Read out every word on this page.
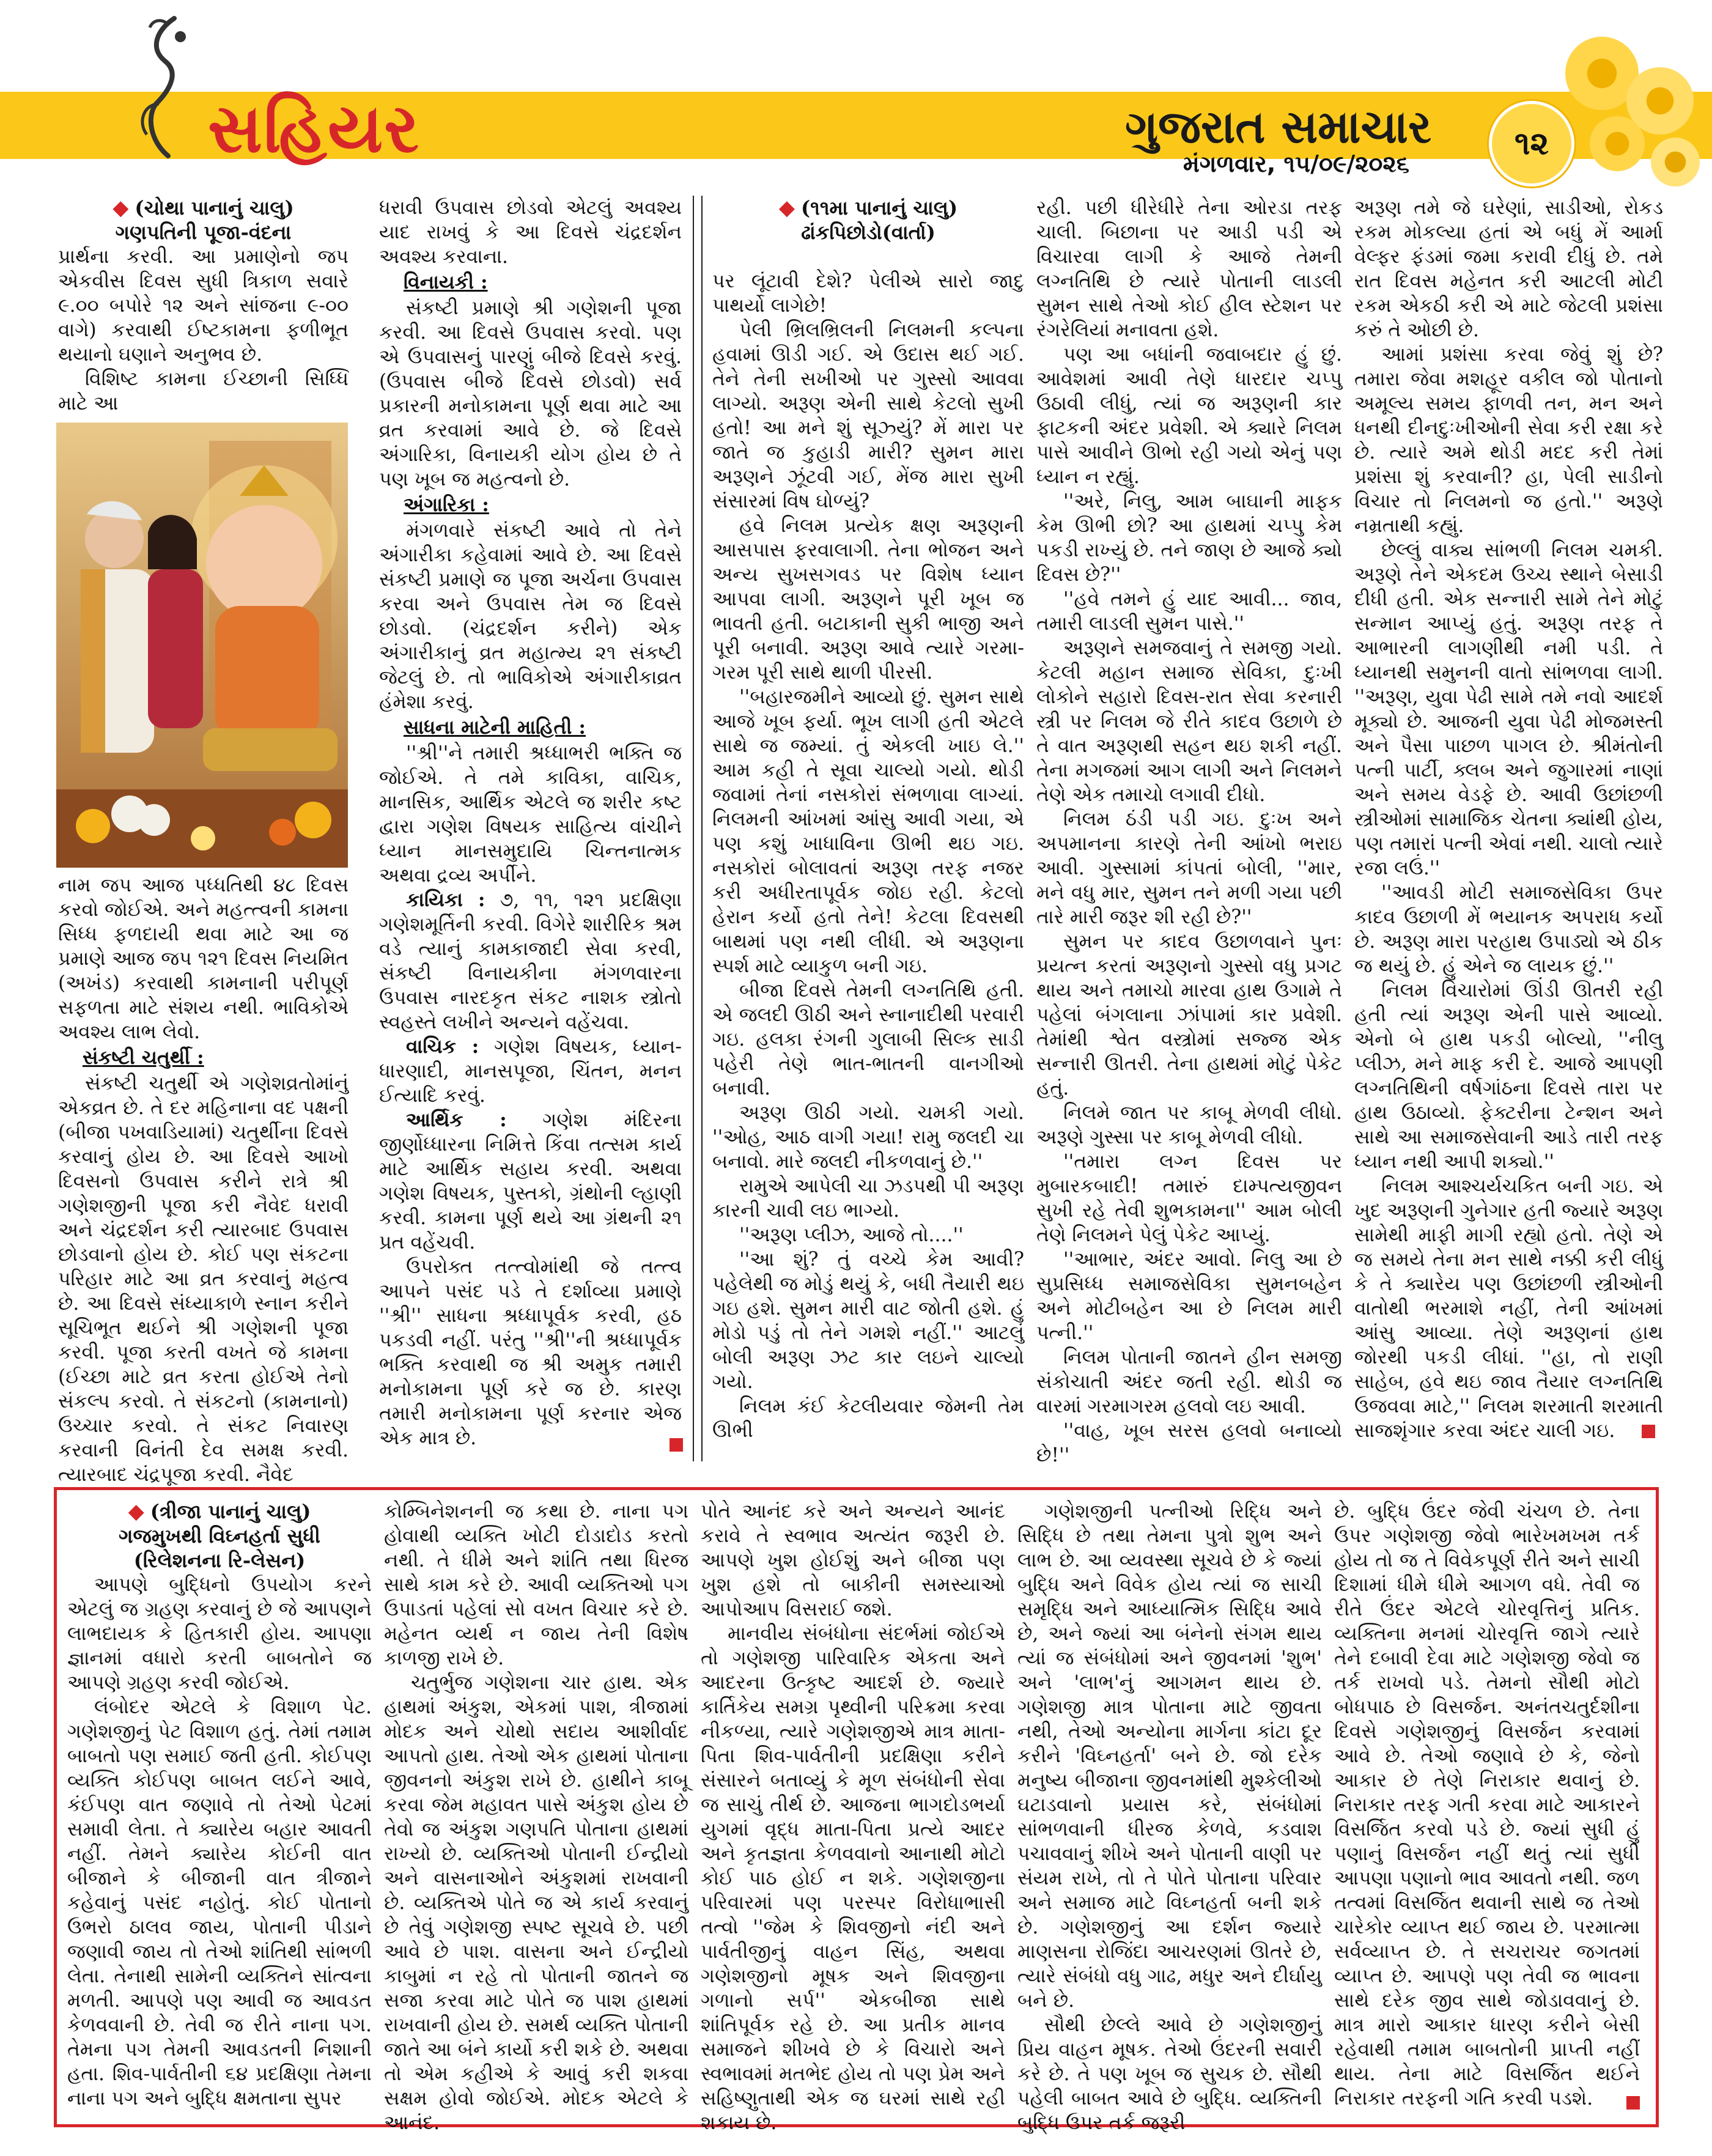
સહિયર	ગુજરાત સમાચાર
મંગળવાર, ૧૫/૦૯/૨૦૨૬
૧૨
◆ (ચોથા પાનાનું ચાલુ)
ગણપતિની પૂજા-વંદના

પ્રાર્થના કરવી. આ પ્રમાણેનો જપ એકવીસ દિવસ સુધી ત્રિકાળ સવારે ૯.૦૦ બપોરે ૧૨ અને સાંજના ૯-૦૦ વાગે) કરવાથી ઈષ્ટકામના ફળીભૂત થયાનો ઘણાને અનુભવ છે.

વિશિષ્ટ કામના ઈચ્છાની સિધ્ધિ માટે આ

નામ જપ આજ પધ્ધતિથી ૪૮ દિવસ કરવો જોઈએ. અને મહત્ત્વની કામના સિધ્ધ ફળદાયી થવા માટે આ જ પ્રમાણે આજ જપ ૧૨૧ દિવસ નિયમિત (અખંડ) કરવાથી કામનાની પરીપૂર્ણ સફળતા માટે સંશય નથી. ભાવિકોએ અવશ્ય લાભ લેવો.

સંકષ્ટી ચતુર્થી :

સંકષ્ટી ચતુર્થી એ ગણેશવ્રતોમાંનું એકવ્રત છે. તે દર મહિનાના વદ પક્ષની (બીજા પખવાડિયામાં) ચતુર્થીના દિવસે કરવાનું હોય છે. આ દિવસે આખો દિવસનો ઉપવાસ કરીને રાત્રે શ્રી ગણેશજીની પૂજા કરી નૈવેદ ધરાવી અને ચંદ્રદર્શન કરી ત્યારબાદ ઉપવાસ છોડવાનો હોય છે. કોઈ પણ સંકટના પરિહાર માટે આ વ્રત કરવાનું મહત્વ છે. આ દિવસે સંધ્યાકાળે સ્નાન કરીને સૂચિભૂત થઈને શ્રી ગણેશની પૂજા કરવી. પૂજા કરતી વખતે જે કામના (ઈચ્છા માટે વ્રત કરતા હોઈએ તેનો સંકલ્પ કરવો. તે સંકટનો (કામનાનો) ઉચ્ચાર કરવો. તે સંકટ નિવારણ કરવાની વિનંતી દેવ સમક્ષ કરવી. ત્યારબાદ ચંદ્રપૂજા કરવી. નૈવેદ

ધરાવી ઉપવાસ છોડવો એટલું અવશ્ય યાદ રાખવું કે આ દિવસે ચંદ્રદર્શન અવશ્ય કરવાના.

વિનાયકી :

સંકષ્ટી પ્રમાણે શ્રી ગણેશની પૂજા કરવી. આ દિવસે ઉપવાસ કરવો. પણ એ ઉપવાસનું પારણું બીજે દિવસે કરવું. (ઉપવાસ બીજે દિવસે છોડવો) સર્વ પ્રકારની મનોકામના પૂર્ણ થવા માટે આ વ્રત કરવામાં આવે છે. જે દિવસે અંગારિકા, વિનાયકી યોગ હોય છે તે પણ ખૂબ જ મહત્વનો છે.

અંગારિકા :

મંગળવારે સંકષ્ટી આવે તો તેને અંગારીકા કહેવામાં આવે છે. આ દિવસે સંકષ્ટી પ્રમાણે જ પૂજા અર્ચના ઉપવાસ કરવા અને ઉપવાસ તેમ જ દિવસે છોડવો. (ચંદ્રદર્શન કરીને) એક અંગારીકાનું વ્રત મહાત્મ્ય ૨૧ સંકષ્ટી જેટલું છે. તો ભાવિકોએ અંગારીકાવ્રત હંમેશા કરવું.

સાધના માટેની માહિતી :

''શ્રી''ને તમારી શ્રધ્ધાભરી ભક્તિ જ જોઈએ. તે તમે કાવિકા, વાચિક, માનસિક, આર્થિક એટલે જ શરીર કષ્ટ દ્વારા ગણેશ વિષયક સાહિત્ય વાંચીને ધ્યાન માનસમુદાયિ ચિન્તનાત્મક અથવા દ્રવ્ય અર્પીને.

કાયિકા : ૭, ૧૧, ૧૨૧ પ્રદક્ષિણા ગણેશમૂર્તિની કરવી. વિગેરે શારીરિક શ્રમ વડે ત્યાનું કામકાજાદી સેવા કરવી, સંકષ્ટી વિનાયકીના મંગળવારના ઉપવાસ નારદકૃત સંકટ નાશક સ્ત્રોતો સ્વહસ્તે લખીને અન્યને વહેંચવા.

વાચિક : ગણેશ વિષયક, ધ્યાન-ધારણાદી, માનસપૂજા, ચિંતન, મનન ઈત્યાદિ કરવું.

આર્થિક : ગણેશ મંદિરના જીર્ણોધ્ધારના નિમિત્તે કિંવા તત્સમ કાર્ય માટે આર્થિક સહાય કરવી. અથવા ગણેશ વિષયક, પુસ્તકો, ગ્રંથોની લ્હાણી કરવી. કામના પૂર્ણ થયે આ ગ્રંથની ૨૧ પ્રત વહેંચવી.

ઉપરોક્ત તત્ત્વોમાંથી જે તત્ત્વ આપને પસંદ પડે તે દર્શાવ્યા પ્રમાણે ''શ્રી'' સાધના શ્રધ્ધાપૂર્વક કરવી, હઠ પકડવી નહીં. પરંતુ ''શ્રી''ની શ્રધ્ધાપૂર્વક ભક્તિ કરવાથી જ શ્રી અમુક તમારી મનોકામના પૂર્ણ કરે જ છે. કારણ તમારી મનોકામના પૂર્ણ કરનાર એજ એક માત્ર છે.

◆ (૧૧મા પાનાનું ચાલુ)
ઢાંકપિછોડો(વાર્તા)

પર લૂંટાવી દેશે? પેલીએ સારો જાદુ પાથર્યો લાગેછે!

પેલી ભ્રિલભ્રિલની નિલમની કલ્પના હવામાં ઊડી ગઈ. એ ઉદાસ થઈ ગઈ. તેને તેની સખીઓ પર ગુસ્સો આવવા લાગ્યો. અરૂણ એની સાથે કેટલો સુખી હતો! આ મને શું સૂઝ્યું? મેં મારા પર જાતે જ કુહાડી મારી? સુમન મારા અરૂણને ઝૂંટવી ગઈ, મેંજ મારા સુખી સંસારમાં વિષ ઘોળ્યું?

હવે નિલમ પ્રત્યેક ક્ષણ અરૂણની આસપાસ ફરવાલાગી. તેના ભોજન અને અન્ય સુખસગવડ પર વિશેષ ધ્યાન આપવા લાગી. અરૂણને પૂરી ખૂબ જ ભાવતી હતી. બટાકાની સુકી ભાજી અને પૂરી બનાવી. અરૂણ આવે ત્યારે ગરમા-ગરમ પૂરી સાથે થાળી પીરસી.

''બહારજમીને આવ્યો છું. સુમન સાથે આજે ખૂબ ફર્યા. ભૂખ લાગી હતી એટલે સાથે જ જમ્યાં. તું એકલી ખાઇ લે.'' આમ કહી તે સૂવા ચાલ્યો ગયો. થોડી જવામાં તેનાં નસકોરાં સંભળાવા લાગ્યાં. નિલમની આંખમાં આંસુ આવી ગયા, એ પણ કશું ખાધાવિના ઊભી થઇ ગઇ. નસકોરાં બોલાવતાં અરૂણ તરફ નજર કરી અધીરતાપૂર્વક જોઇ રહી. કેટલો હેરાન કર્યો હતો તેને! કેટલા દિવસથી બાથમાં પણ નથી લીધી. એ અરૂણના સ્પર્શ માટે વ્યાકુળ બની ગઇ.

બીજા દિવસે તેમની લગ્નતિથિ હતી. એ જલદી ઊઠી અને સ્નાનાદીથી પરવારી ગઇ. હલકા રંગની ગુલાબી સિલ્ક સાડી પહેરી તેણે ભાત-ભાતની વાનગીઓ બનાવી.

અરૂણ ઊઠી ગયો. ચમકી ગયો. ''ઓહ, આઠ વાગી ગયા! રામુ જલદી ચા બનાવો. મારે જલદી નીકળવાનું છે.''

રામુએ આપેલી ચા ઝડપથી પી અરૂણ કારની ચાવી લઇ ભાગ્યો.

''અરૂણ પ્લીઝ, આજે તો....''

''આ શું? તું વચ્ચે કેમ આવી? પહેલેથી જ મોડું થયું કે, બધી તૈયારી થઇ ગઇ હશે. સુમન મારી વાટ જોતી હશે. હું મોડો પડું તો તેને ગમશે નહીં.'' આટલું બોલી અરૂણ ઝટ કાર લઇને ચાલ્યો ગયો.

નિલમ કંઈ કેટલીયવાર જેમની તેમ ઊભી

રહી. પછી ધીરેધીરે તેના ઓરડા તરફ ચાલી. બિછાના પર આડી પડી એ વિચારવા લાગી કે આજે તેમની લગ્નતિથિ છે ત્યારે પોતાની લાડલી સુમન સાથે તેઓ કોઈ હીલ સ્ટેશન પર રંગરેલિયાં મનાવતા હશે.

પણ આ બધાંની જવાબદાર હું છું. આવેશમાં આવી તેણે ધારદાર ચપ્પુ ઉઠાવી લીધું, ત્યાં જ અરૂણની કાર ફાટકની અંદર પ્રવેશી. એ ક્યારે નિલમ પાસે આવીને ઊભો રહી ગયો એનું પણ ધ્યાન ન રહ્યું.

''અરે, નિલુ, આમ બાઘાની માફક કેમ ઊભી છો? આ હાથમાં ચપ્પુ કેમ પકડી રાખ્યું છે. તને જાણ છે આજે ક્યો દિવસ છે?''

''હવે તમને હું યાદ આવી... જાવ, તમારી લાડલી સુમન પાસે.''

અરૂણને સમજવાનું તે સમજી ગયો. કેટલી મહાન સમાજ સેવિકા, દુઃખી લોકોને સહારો દિવસ-રાત સેવા કરનારી સ્ત્રી પર નિલમ જે રીતે કાદવ ઉછાળે છે તે વાત અરૂણથી સહન થઇ શકી નહીં. તેના મગજમાં આગ લાગી અને નિલમને તેણે એક તમાચો લગાવી દીધો.

નિલમ ઠંડી પડી ગઇ. દુઃખ અને અપમાનના કારણે તેની આંખો ભરાઇ આવી. ગુસ્સામાં કાંપતાં બોલી, ''માર, મને વધુ માર, સુમન તને મળી ગયા પછી તારે મારી જરૂર શી રહી છે?''

સુમન પર કાદવ ઉછાળવાને પુનઃ પ્રયત્ન કરતાં અરૂણનો ગુસ્સો વધુ પ્રગટ થાય અને તમાચો મારવા હાથ ઉગામે તે પહેલાં બંગલાના ઝાંપામાં કાર પ્રવેશી. તેમાંથી શ્વેત વસ્ત્રોમાં સજ્જ એક સન્નારી ઊતરી. તેના હાથમાં મોટું પેકેટ હતું.

નિલમે જાત પર કાબૂ મેળવી લીધો. અરૂણે ગુસ્સા પર કાબૂ મેળવી લીધો.

''તમારા લગ્ન દિવસ પર મુબારકબાદી! તમારું દામ્પત્યજીવન સુખી રહે તેવી શુભકામના'' આમ બોલી તેણે નિલમને પેલું પેકેટ આપ્યું.

''આભાર, અંદર આવો. નિલુ આ છે સુપ્રસિધ્ધ સમાજસેવિકા સુમનબહેન અને મોટીબહેન આ છે નિલમ મારી પત્ની.''

નિલમ પોતાની જાતને હીન સમજી સંકોચાતી અંદર જતી રહી. થોડી જ વારમાં ગરમાગરમ હલવો લઇ આવી.

''વાહ, ખૂબ સરસ હલવો બનાવ્યો છે!''

અરૂણ તમે જે ઘરેણાં, સાડીઓ, રોકડ રકમ મોકલ્યા હતાં એ બધું મેં આર્મા વેલ્ફર ફંડમાં જમા કરાવી દીધું છે. તમે રાત દિવસ મહેનત કરી આટલી મોટી રકમ એકઠી કરી એ માટે જેટલી પ્રશંસા કરું તે ઓછી છે.

આમાં પ્રશંસા કરવા જેવું શું છે? તમારા જેવા મશહૂર વકીલ જો પોતાનો અમૂલ્ય સમય ફાળવી તન, મન અને ધનથી દીનદુઃખીઓની સેવા કરી રક્ષા કરે છે. ત્યારે અમે થોડી મદદ કરી તેમાં પ્રશંસા શું કરવાની? હા, પેલી સાડીનો વિચાર તો નિલમનો જ હતો.'' અરૂણે નમ્રતાથી કહ્યું.

છેલ્લું વાક્ય સાંભળી નિલમ ચમકી. અરૂણે તેને એકદમ ઉચ્ચ સ્થાને બેસાડી દીધી હતી. એક સન્નારી સામે તેને મોટું સન્માન આપ્યું હતું. અરૂણ તરફ તે આભારની લાગણીથી નમી પડી. તે ધ્યાનથી સમુનની વાતો સાંભળવા લાગી. ''અરૂણ, યુવા પેઢી સામે તમે નવો આદર્શ મૂક્યો છે. આજની યુવા પેઢી મોજમસ્તી અને પૈસા પાછળ પાગલ છે. શ્રીમંતોની પત્ની પાર્ટી, ક્લબ અને જુગારમાં નાણાં અને સમય વેડફે છે. આવી ઉછાંછળી સ્ત્રીઓમાં સામાજિક ચેતના ક્યાંથી હોય, પણ તમારાં પત્ની એવાં નથી. ચાલો ત્યારે રજા લઉં.''

''આવડી મોટી સમાજસેવિકા ઉપર કાદવ ઉછાળી મેં ભયાનક અપરાધ કર્યો છે. અરૂણ મારા પરહાથ ઉપાડ્યો એ ઠીક જ થયું છે. હું એને જ લાયક છું.''

નિલમ વિચારોમાં ઊંડી ઊતરી રહી હતી ત્યાં અરૂણ એની પાસે આવ્યો. એનો બે હાથ પકડી બોલ્યો, ''નીલુ પ્લીઝ, મને માફ કરી દે. આજે આપણી લગ્નતિથિની વર્ષગાંઠના દિવસે તારા પર હાથ ઉઠાવ્યો. ફેક્ટરીના ટેન્શન અને સાથે આ સમાજસેવાની આડે તારી તરફ ધ્યાન નથી આપી શક્યો.''

નિલમ આશ્ચર્યચકિત બની ગઇ. એ ખુદ અરૂણની ગુનેગાર હતી જ્યારે અરૂણ સામેથી માફી માગી રહ્યો હતો. તેણે એ જ સમયે તેના મન સાથે નક્કી કરી લીધું કે તે ક્યારેય પણ ઉછાંછળી સ્ત્રીઓની વાતોથી ભરમાશે નહીં, તેની આંખમાં આંસુ આવ્યા. તેણે અરૂણનાં હાથ જોરથી પકડી લીધાં. ''હા, તો રાણી સાહેબ, હવે થઇ જાવ તૈયાર લગ્નતિથિ ઉજવવા માટે,'' નિલમ શરમાતી શરમાતી સાજશૃંગાર કરવા અંદર ચાલી ગઇ.

◆ (ત્રીજા પાનાનું ચાલુ)
ગજમુખથી વિઘ્નહર્તા સુધી
(રિલેશનના રિ-લેસન)

આપણે બુદ્ધિનો ઉપયોગ કરને એટલું જ ગ્રહણ કરવાનું છે જે આપણને લાભદાયક કે હિતકારી હોય. આપણા જ્ઞાનમાં વધારો કરતી બાબતોને જ આપણે ગ્રહણ કરવી જોઈએ.

લંબોદર એટલે કે વિશાળ પેટ. ગણેશજીનું પેટ વિશાળ હતું. તેમાં તમામ બાબતો પણ સમાઈ જતી હતી. કોઈપણ વ્યક્તિ કોઈપણ બાબત લઈને આવે, કંઈપણ વાત જણાવે તો તેઓ પેટમાં સમાવી લેતા. તે ક્યારેય બહાર આવતી નહીં. તેમને ક્યારેય કોઈની વાત બીજાને કે બીજાની વાત ત્રીજાને કહેવાનું પસંદ નહોતું. કોઈ પોતાનો ઉભરો ઠાલવ જાય, પોતાની પીડાને જણાવી જાય તો તેઓ શાંતિથી સાંભળી લેતા. તેનાથી સામેની વ્યક્તિને સાંત્વના મળતી. આપણે પણ આવી જ આવડત કેળવવાની છે. તેવી જ રીતે નાના પગ. તેમના પગ તેમની આવડતની નિશાની હતા. શિવ-પાર્વતીની ૬૪ પ્રદક્ષિણા તેમના નાના પગ અને બુદ્ધિ ક્ષમતાના સુપર

કોમ્બિનેશનની જ કથા છે. નાના પગ હોવાથી વ્યક્તિ ખોટી દોડાદોડ કરતો નથી. તે ધીમે અને શાંતિ તથા ધિરજ સાથે કામ કરે છે. આવી વ્યક્તિઓ પગ ઉપાડતાં પહેલાં સો વખત વિચાર કરે છે. મહેનત વ્યર્થ ન જાય તેની વિશેષ કાળજી રાખે છે.

ચતુર્ભુજ ગણેશના ચાર હાથ. એક હાથમાં અંકુશ, એકમાં પાશ, ત્રીજામાં મોદક અને ચોથો સદાય આશીર્વાદ આપતો હાથ. તેઓ એક હાથમાં પોતાના જીવનનો અંકુશ રાખે છે. હાથીને કાબૂ કરવા જેમ મહાવત પાસે અંકુશ હોય છે તેવો જ અંકુશ ગણપતિ પોતાના હાથમાં રાખ્યો છે. વ્યક્તિઓ પોતાની ઈન્દ્રીયો અને વાસનાઓને અંકુશમાં રાખવાની છે. વ્યક્તિએ પોતે જ એ કાર્ય કરવાનું છે તેવું ગણેશજી સ્પષ્ટ સૂચવે છે. પછી આવે છે પાશ. વાસના અને ઈન્દ્રીયો કાબુમાં ન રહે તો પોતાની જાતને જ સજા કરવા માટે પોતે જ પાશ હાથમાં રાખવાની હોય છે. સમર્થ વ્યક્તિ પોતાની જાતે આ બંને કાર્યો કરી શકે છે. અથવા તો એમ કહીએ કે આવું કરી શકવા સક્ષમ હોવો જોઈએ. મોદક એટલે કે આનંદ.

પોતે આનંદ કરે અને અન્યને આનંદ કરાવે તે સ્વભાવ અત્યંત જરૂરી છે. આપણે ખુશ હોઈશું અને બીજા પણ ખુશ હશે તો બાકીની સમસ્યાઓ આપોઆપ વિસરાઈ જશે.

માનવીય સંબંધોના સંદર્ભમાં જોઈએ તો ગણેશજી પારિવારિક એકતા અને આદરના ઉત્કૃષ્ટ આદર્શ છે. જ્યારે કાર્તિકેય સમગ્ર પૃથ્વીની પરિક્રમા કરવા નીકળ્યા, ત્યારે ગણેશજીએ માત્ર માતા-પિતા શિવ-પાર્વતીની પ્રદક્ષિણા કરીને સંસારને બતાવ્યું કે મૂળ સંબંધોની સેવા જ સાચું તીર્થ છે. આજના ભાગદોડભર્યા યુગમાં વૃદ્ધ માતા-પિતા પ્રત્યે આદર અને કૃતજ્ઞતા કેળવવાનો આનાથી મોટો કોઈ પાઠ હોઈ ન શકે. ગણેશજીના પરિવારમાં પણ પરસ્પર વિરોધાભાસી તત્વો ''જેમ કે શિવજીનો નંદી અને પાર્વતીજીનું વાહન સિંહ, અથવા ગણેશજીનો મૂષક અને શિવજીના ગળાનો સર્પ'' એકબીજા સાથે શાંતિપૂર્વક રહે છે. આ પ્રતીક માનવ સમાજને શીખવે છે કે વિચારો અને સ્વભાવમાં મતભેદ હોય તો પણ પ્રેમ અને સહિષ્ણુતાથી એક જ ઘરમાં સાથે રહી શકાય છે.

ગણેશજીની પત્નીઓ રિદ્ધિ અને સિદ્ધિ છે તથા તેમના પુત્રો શુભ અને લાભ છે. આ વ્યવસ્થા સૂચવે છે કે જ્યાં બુદ્ધિ અને વિવેક હોય ત્યાં જ સાચી સમૃદ્ધિ અને આધ્યાત્મિક સિદ્ધિ આવે છે, અને જ્યાં આ બંનેનો સંગમ થાય ત્યાં જ સંબંધોમાં અને જીવનમાં 'શુભ' અને 'લાભ'નું આગમન થાય છે. ગણેશજી માત્ર પોતાના માટે જીવતા નથી, તેઓ અન્યોના માર્ગના કાંટા દૂર કરીને 'વિઘ્નહર્તા' બને છે. જો દરેક મનુષ્ય બીજાના જીવનમાંથી મુશ્કેલીઓ ઘટાડવાનો પ્રયાસ કરે, સંબંધોમાં સાંભળવાની ધીરજ કેળવે, કડવાશ પચાવવાનું શીખે અને પોતાની વાણી પર સંયમ રાખે, તો તે પોતે પોતાના પરિવાર અને સમાજ માટે વિઘ્નહર્તા બની શકે છે. ગણેશજીનું આ દર્શન જ્યારે માણસના રોજિંદા આચરણમાં ઊતરે છે, ત્યારે સંબંધો વધુ ગાઢ, મધુર અને દીર્ઘાયુ બને છે.

સૌથી છેલ્લે આવે છે ગણેશજીનું પ્રિય વાહન મૂષક. તેઓ ઉંદરની સવારી કરે છે. તે પણ ખૂબ જ સુચક છે. સૌથી પહેલી બાબત આવે છે બુદ્ધિ. વ્યક્તિની બુદ્ધિ ઉપર તર્ક જરૂરી

છે. બુદ્ધિ ઉંદર જેવી ચંચળ છે. તેના ઉપર ગણેશજી જેવો ભારેખમખમ તર્ક હોય તો જ તે વિવેકપૂર્ણ રીતે અને સાચી દિશામાં ધીમે ધીમે આગળ વધે. તેવી જ રીતે ઉંદર એટલે ચોરવૃત્તિનું પ્રતિક. વ્યક્તિના મનમાં ચોરવૃત્તિ જાગે ત્યારે તેને દબાવી દેવા માટે ગણેશજી જેવો જ તર્ક રાખવો પડે. તેમનો સૌથી મોટો બોધપાઠ છે વિસર્જન. અનંતચતુર્દશીના દિવસે ગણેશજીનું વિસર્જન કરવામાં આવે છે. તેઓ જણાવે છે કે, જેનો આકાર છે તેણે નિરાકાર થવાનું છે. નિરાકાર તરફ ગતી કરવા માટે આકારને વિસર્જિત કરવો પડે છે. જ્યાં સુધી હું પણાનું વિસર્જન નહીં થતું ત્યાં સુધી આપણા પણાનો ભાવ આવતો નથી. જળ તત્વમાં વિસર્જિત થવાની સાથે જ તેઓ ચારેકોર વ્યાપ્ત થઈ જાય છે. પરમાત્મા સર્વવ્યાપ્ત છે. તે સચરાચર જગતમાં વ્યાપ્ત છે. આપણે પણ તેવી જ ભાવના સાથે દરેક જીવ સાથે જોડાવવાનું છે. માત્ર મારો આકાર ધારણ કરીને બેસી રહેવાથી તમામ બાબતોની પ્રાપ્તી નહીં થાય. તેના માટે વિસર્જિત થઈને નિરાકાર તરફની ગતિ કરવી પડશે.
